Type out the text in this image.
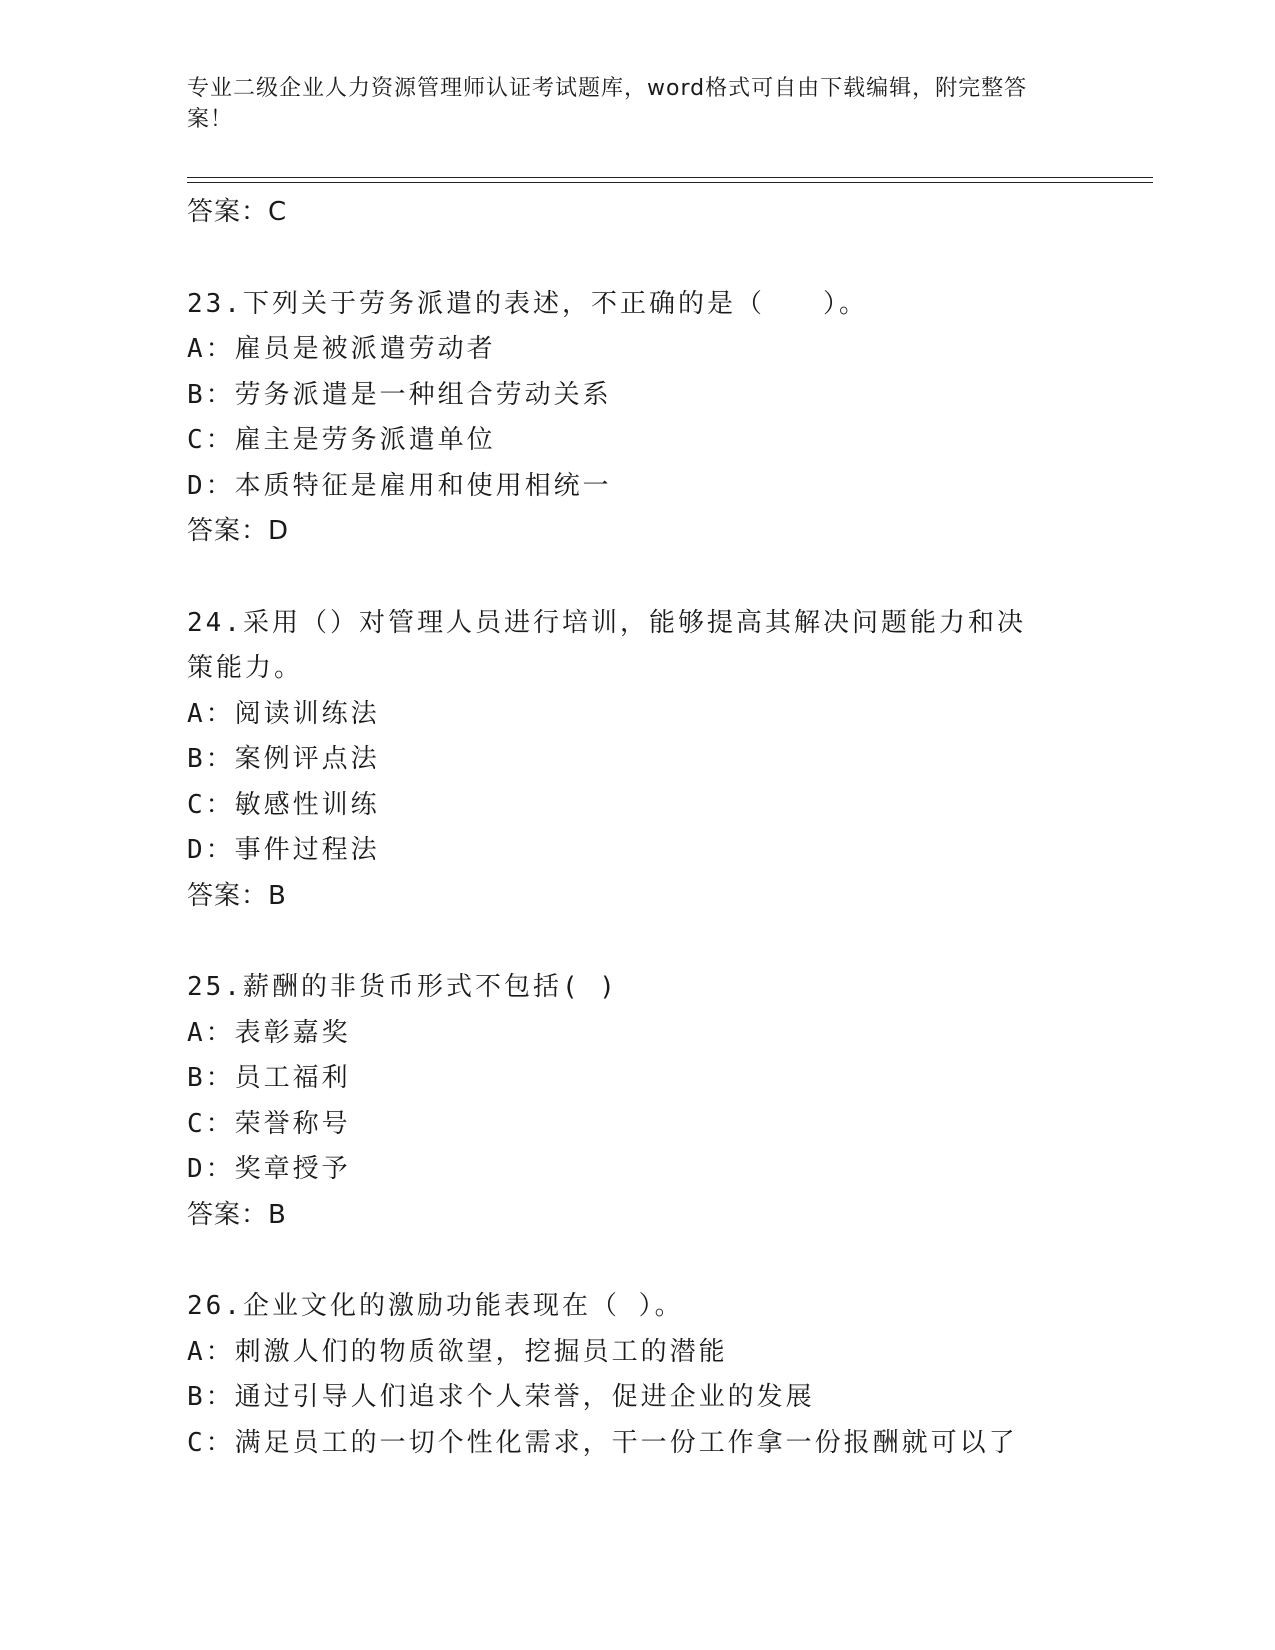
专业二级企业人力资源管理师认证考试题库，word格式可自由下载编辑，附完整答案！
答案：C
23.下列关于劳务派遣的表述，不正确的是（　　）。
A：雇员是被派遣劳动者
B：劳务派遣是一种组合劳动关系
C：雇主是劳务派遣单位
D：本质特征是雇用和使用相统一
答案：D
24.采用（）对管理人员进行培训，能够提高其解决问题能力和决策能力。
A：阅读训练法
B：案例评点法
C：敏感性训练
D：事件过程法
答案：B
25.薪酬的非货币形式不包括( )
A：表彰嘉奖
B：员工福利
C：荣誉称号
D：奖章授予
答案：B
26.企业文化的激励功能表现在（ ）。
A：刺激人们的物质欲望，挖掘员工的潜能
B：通过引导人们追求个人荣誉，促进企业的发展
C：满足员工的一切个性化需求，干一份工作拿一份报酬就可以了
